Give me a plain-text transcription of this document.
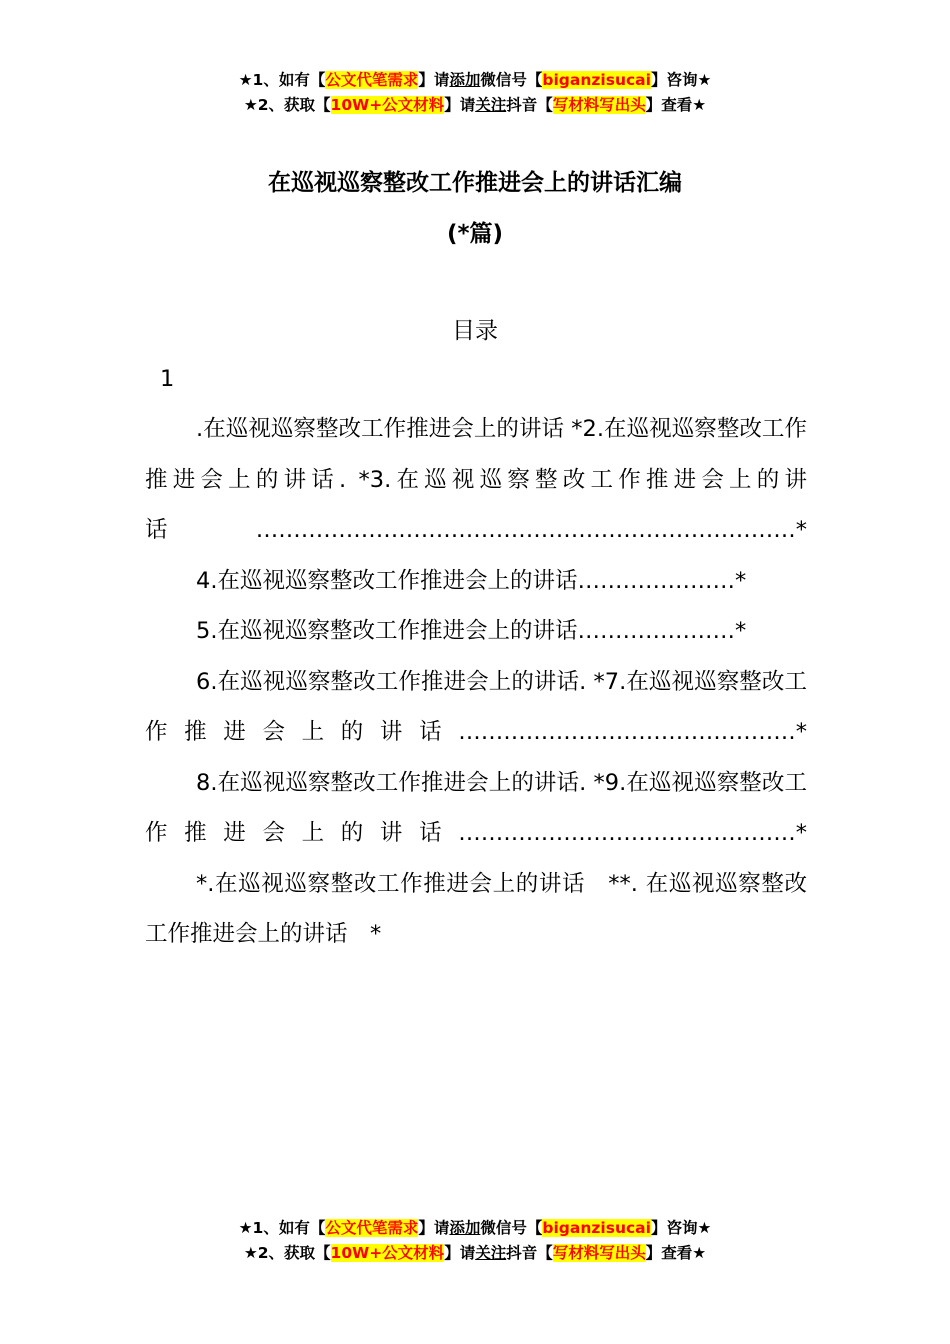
★1、如有【公文代笔需求】请添加微信号【biganzisucai】咨询★
★2、获取【10W+公文材料】请关注抖音【写材料写出头】查看★
在巡视巡察整改工作推进会上的讲话汇编
(*篇)
目录
1

.在巡视巡察整改工作推进会上的讲话 *2.在巡视巡察整改工作推进会上的讲话. *3.在巡视巡察整改工作推进会上的讲话………………………………………………………………*

4.在巡视巡察整改工作推进会上的讲话…………………*

5.在巡视巡察整改工作推进会上的讲话…………………*

6.在巡视巡察整改工作推进会上的讲话. *7.在巡视巡察整改工作推进会上的讲话………………………………………*

8.在巡视巡察整改工作推进会上的讲话. *9.在巡视巡察整改工作推进会上的讲话………………………………………*

*.在巡视巡察整改工作推进会上的讲话　**. 在巡视巡察整改工作推进会上的讲话　*

★1、如有【公文代笔需求】请添加微信号【biganzisucai】咨询★
★2、获取【10W+公文材料】请关注抖音【写材料写出头】查看★
